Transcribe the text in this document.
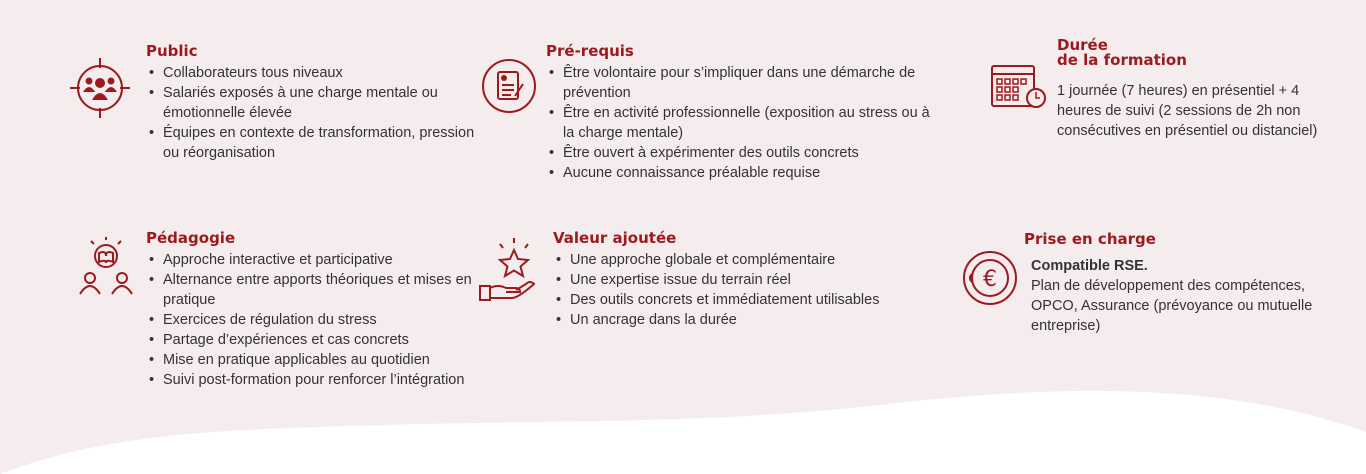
Public
• Collaborateurs tous niveaux
• Salariés exposés à une charge mentale ou émotionnelle élevée
• Équipes en contexte de transformation, pression ou réorganisation
Pré-requis
• Être volontaire pour s’impliquer dans une démarche de prévention
• Être en activité professionnelle (exposition au stress ou à la charge mentale)
• Être ouvert à expérimenter des outils concrets
• Aucune connaissance préalable requise
Durée
de la formation
1 journée (7 heures) en présentiel + 4 heures de suivi (2 sessions de 2h non consécutives en présentiel ou distanciel)
Pédagogie
• Approche interactive et participative
• Alternance entre apports théoriques et mises en pratique
• Exercices de régulation du stress
• Partage d’expériences et cas concrets
• Mise en pratique applicables au quotidien
• Suivi post-formation pour renforcer l’intégration
Valeur ajoutée
• Une approche globale et complémentaire
• Une expertise issue du terrain réel
• Des outils concrets et immédiatement utilisables
• Un ancrage dans la durée
€
Prise en charge
Compatible RSE.
Plan de développement des compétences, OPCO, Assurance (prévoyance ou mutuelle entreprise)
